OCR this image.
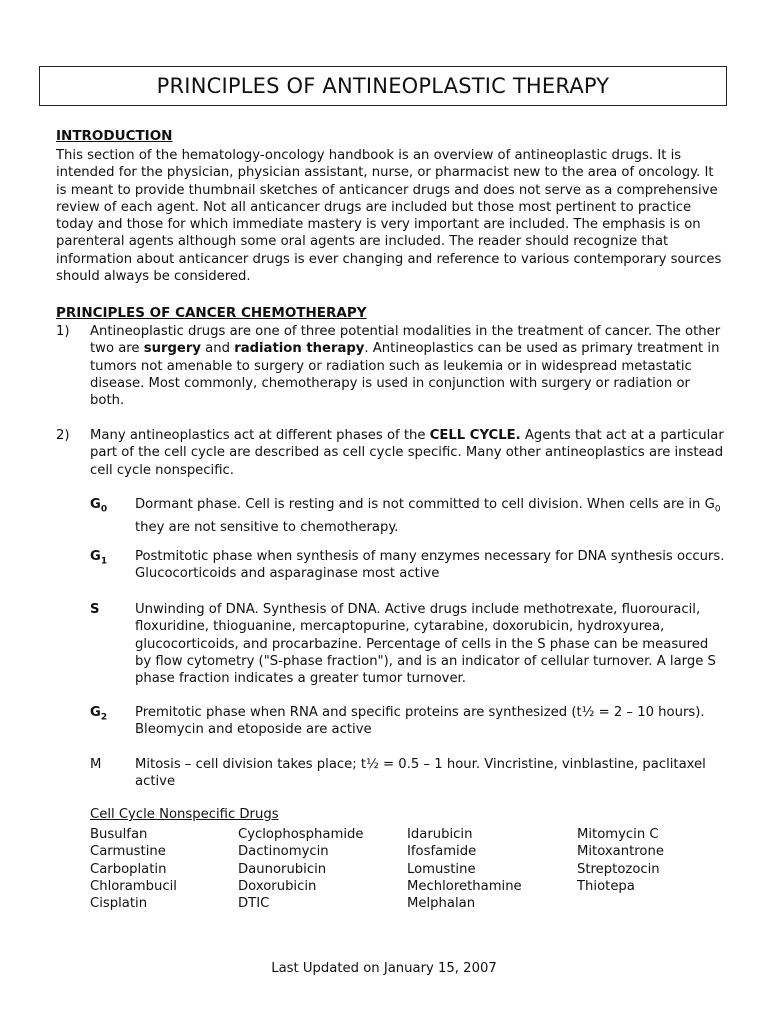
PRINCIPLES OF ANTINEOPLASTIC THERAPY
INTRODUCTION

This section of the hematology-oncology handbook is an overview of antineoplastic drugs. It is intended for the physician, physician assistant, nurse, or pharmacist new to the area of oncology. It is meant to provide thumbnail sketches of anticancer drugs and does not serve as a comprehensive review of each agent. Not all anticancer drugs are included but those most pertinent to practice today and those for which immediate mastery is very important are included. The emphasis is on parenteral agents although some oral agents are included. The reader should recognize that information about anticancer drugs is ever changing and reference to various contemporary sources should always be considered.

PRINCIPLES OF CANCER CHEMOTHERAPY
1) Antineoplastic drugs are one of three potential modalities in the treatment of cancer. The other two are surgery and radiation therapy. Antineoplastics can be used as primary treatment in tumors not amenable to surgery or radiation such as leukemia or in widespread metastatic disease. Most commonly, chemotherapy is used in conjunction with surgery or radiation or both.
2) Many antineoplastics act at different phases of the CELL CYCLE. Agents that act at a particular part of the cell cycle are described as cell cycle specific. Many other antineoplastics are instead cell cycle nonspecific.
$G_0$ Dormant phase. Cell is resting and is not committed to cell division. When cells are in $G_0$ they are not sensitive to chemotherapy.
$G_1$ Postmitotic phase when synthesis of many enzymes necessary for DNA synthesis occurs. Glucocorticoids and asparaginase most active
S	Unwinding of DNA. Synthesis of DNA. Active drugs include methotrexate, fluorouracil, floxuridine, thioguanine, mercaptopurine, cytarabine, doxorubicin, hydroxyurea, glucocorticoids, and procarbazine. Percentage of cells in the S phase can be measured by flow cytometry ("S-phase fraction"), and is an indicator of cellular turnover. A large S phase fraction indicates a greater tumor turnover.
$G_2$ Premitotic phase when RNA and specific proteins are synthesized (t½ = 2 – 10 hours). Bleomycin and etoposide are active
M	Mitosis – cell division takes place; t½ = 0.5 – 1 hour. Vincristine, vinblastine, paclitaxel active
Cell Cycle Nonspecific Drugs
Busulfan
Carmustine
Carboplatin
Chlorambucil
Cisplatin
Cyclophosphamide
Dactinomycin
Daunorubicin
Doxorubicin
DTIC
Idarubicin
Ifosfamide
Lomustine
Mechlorethamine
Melphalan
Mitomycin C
Mitoxantrone
Streptozocin
Thiotepa
Last Updated on January 15, 2007
